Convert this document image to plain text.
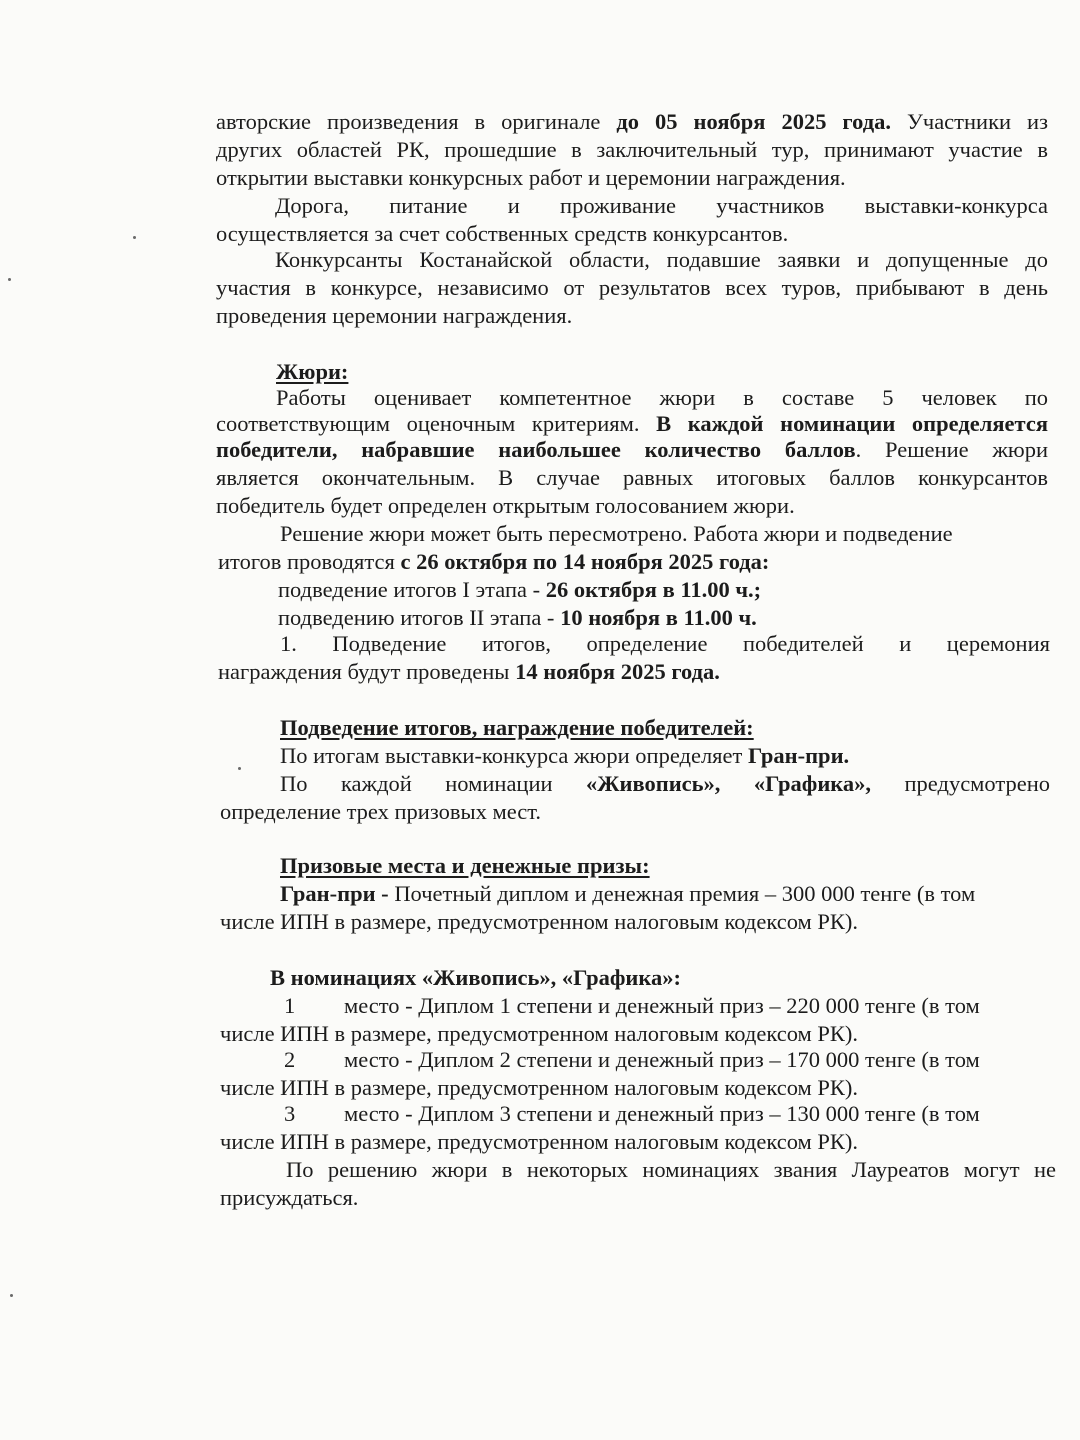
авторские произведения в оригинале до 05 ноября 2025 года. Участники из

других областей РК, прошедшие в заключительный тур, принимают участие в

открытии выставки конкурсных работ и церемонии награждения.

Дорога, питание и проживание участников выставки-конкурса

осуществляется за счет собственных средств конкурсантов.

Конкурсанты Костанайской области, подавшие заявки и допущенные до

участия в конкурсе, независимо от результатов всех туров, прибывают в день

проведения церемонии награждения.

Жюри:

Работы оценивает компетентное жюри в составе 5 человек по

соответствующим оценочным критериям. В каждой номинации определяется

победители, набравшие наибольшее количество баллов. Решение жюри

является окончательным. В случае равных итоговых баллов конкурсантов

победитель будет определен открытым голосованием жюри.

Решение жюри может быть пересмотрено. Работа жюри и подведение

итогов проводятся с 26 октября по 14 ноября 2025 года:

подведение итогов I этапа - 26 октября в 11.00 ч.;

подведению итогов II этапа - 10 ноября в 11.00 ч.

1. Подведение итогов, определение победителей и церемония

награждения будут проведены 14 ноября 2025 года.

Подведение итогов, награждение победителей:

По итогам выставки-конкурса жюри определяет Гран-при.

По каждой номинации «Живопись», «Графика», предусмотрено

определение трех призовых мест.

Призовые места и денежные призы:

Гран-при - Почетный диплом и денежная премия – 300 000 тенге (в том

числе ИПН в размере, предусмотренном налоговым кодексом РК).

В номинациях «Живопись», «Графика»:

1 место - Диплом 1 степени и денежный приз – 220 000 тенге (в том

числе ИПН в размере, предусмотренном налоговым кодексом РК).

2 место - Диплом 2 степени и денежный приз – 170 000 тенге (в том

числе ИПН в размере, предусмотренном налоговым кодексом РК).

3 место - Диплом 3 степени и денежный приз – 130 000 тенге (в том

числе ИПН в размере, предусмотренном налоговым кодексом РК).

По решению жюри в некоторых номинациях звания Лауреатов могут не

присуждаться.
